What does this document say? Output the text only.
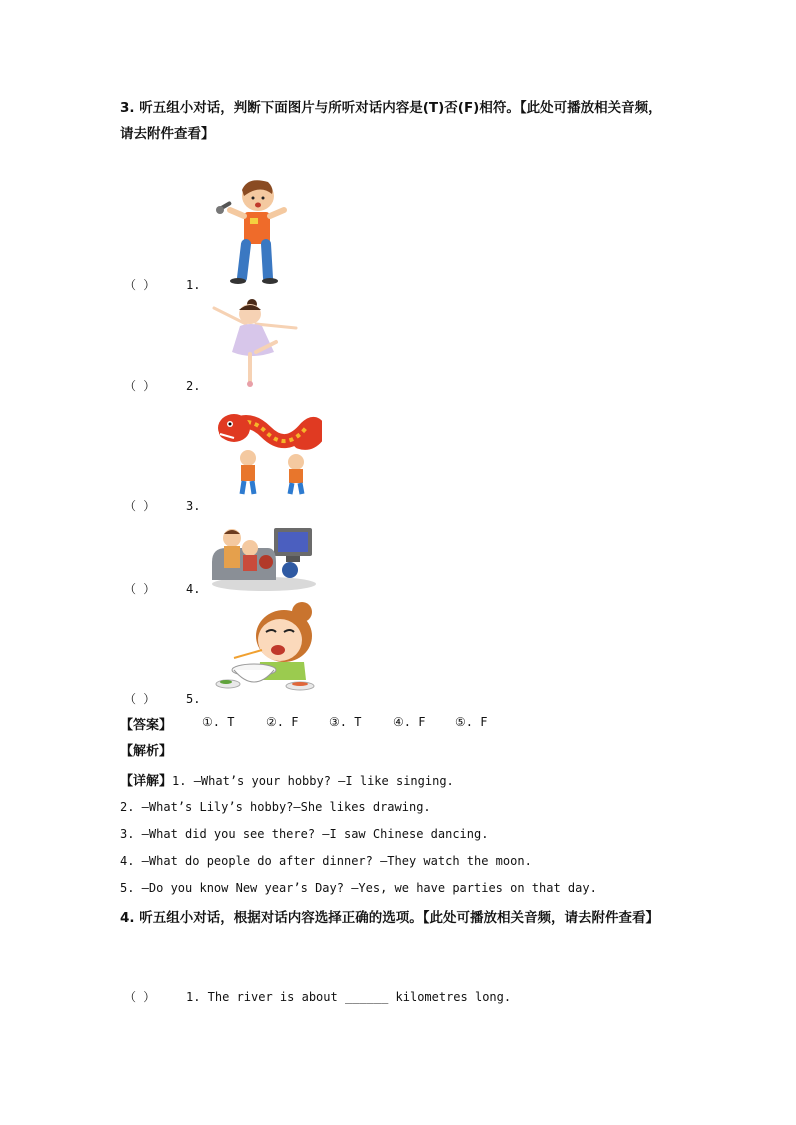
3. 听五组小对话，判断下面图片与所听对话内容是(T)否(F)相符。【此处可播放相关音频，
请去附件查看】
（ ）	1.
（ ）	2.
（ ）	3.
（ ）	4.
（ ）	5.
【答案】 ①. T	②. F	③. T	④. F ⑤. F
【解析】
【详解】1. —What’s your hobby? —I like singing.
2. —What’s Lily’s hobby?—She likes drawing.
3. —What did you see there? —I saw Chinese dancing.
4. —What do people do after dinner? —They watch the moon.
5. —Do you know New year’s Day? —Yes, we have parties on that day.
4. 听五组小对话，根据对话内容选择正确的选项。【此处可播放相关音频，请去附件查看】
（ ）	1. The river is about ______ kilometres long.
